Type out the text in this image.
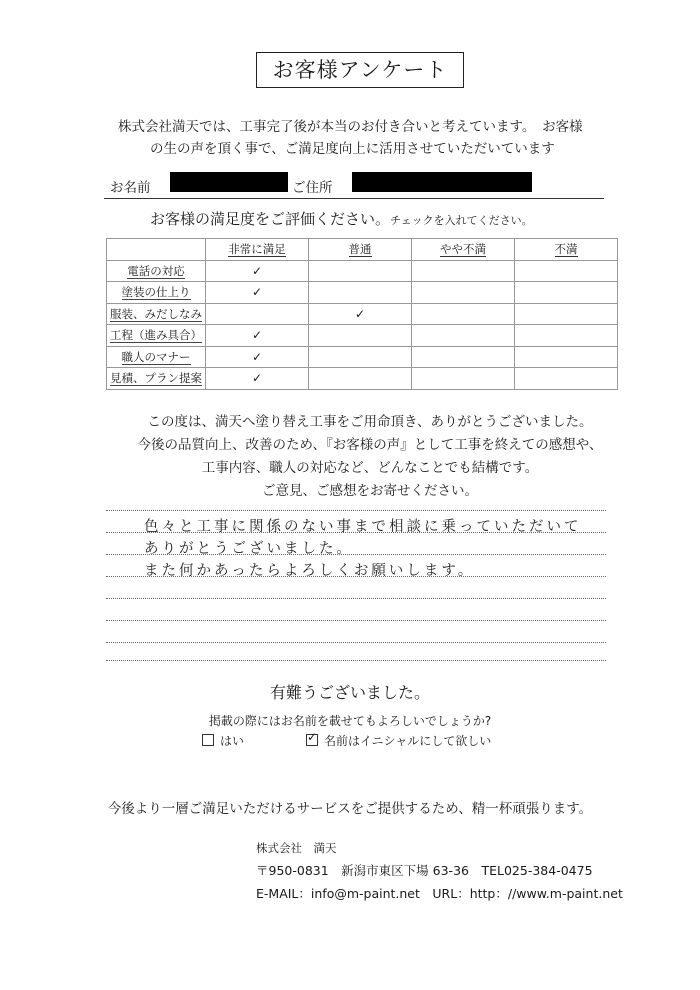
お客様アンケート
株式会社満天では、工事完了後が本当のお付き合いと考えています。　お客様
の生の声を頂く事で、ご満足度向上に活用させていただいています
お名前	ご住所
お客様の満足度をご評価ください。チェックを入れてください。
	非常に満足	普通	やや不満	不満
電話の対応	✓			
塗装の仕上り	✓			
服装、みだしなみ		✓		
工程（進み具合）	✓			
職人のマナー	✓			
見積、プラン提案	✓			
この度は、満天へ塗り替え工事をご用命頂き、ありがとうございました。
今後の品質向上、改善のため、『お客様の声』として工事を終えての感想や、
工事内容、職人の対応など、どんなことでも結構です。
ご意見、ご感想をお寄せください。
色々と工事に関係のない事まで相談に乗っていただいて
ありがとうございました。
また何かあったらよろしくお願いします。
有難うございました。
掲載の際にはお名前を載せてもよろしいでしょうか?
はい ✓	名前はイニシャルにして欲しい
今後より一層ご満足いただけるサービスをご提供するため、精一杯頑張ります。
株式会社　満天
〒950-0831　新潟市東区下場 63-36　TEL025-384-0475
E-MAIL：info@m-paint.net　URL：http：//www.m-paint.net
